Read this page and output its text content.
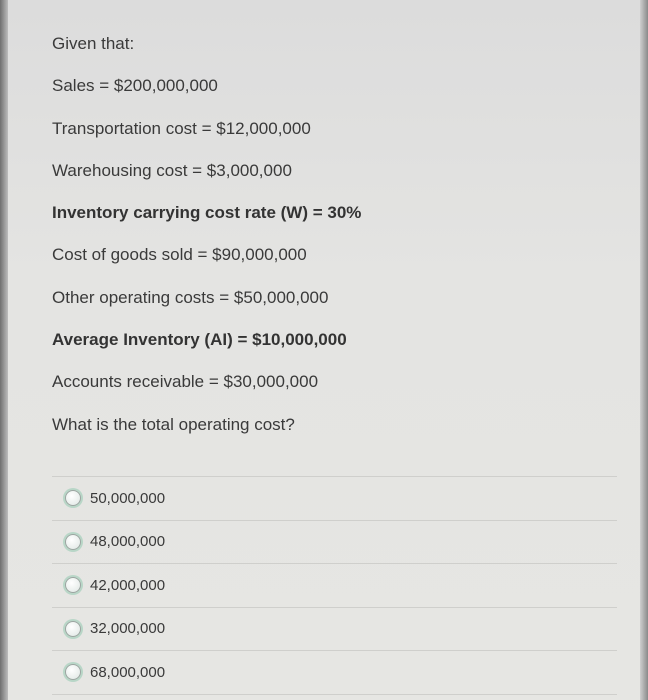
Given that:
Sales = $200,000,000
Transportation cost = $12,000,000
Warehousing cost = $3,000,000
Inventory carrying cost rate (W) = 30%
Cost of goods sold = $90,000,000
Other operating costs = $50,000,000
Average Inventory (AI) = $10,000,000
Accounts receivable = $30,000,000
What is the total operating cost?
50,000,000
48,000,000
42,000,000
32,000,000
68,000,000
